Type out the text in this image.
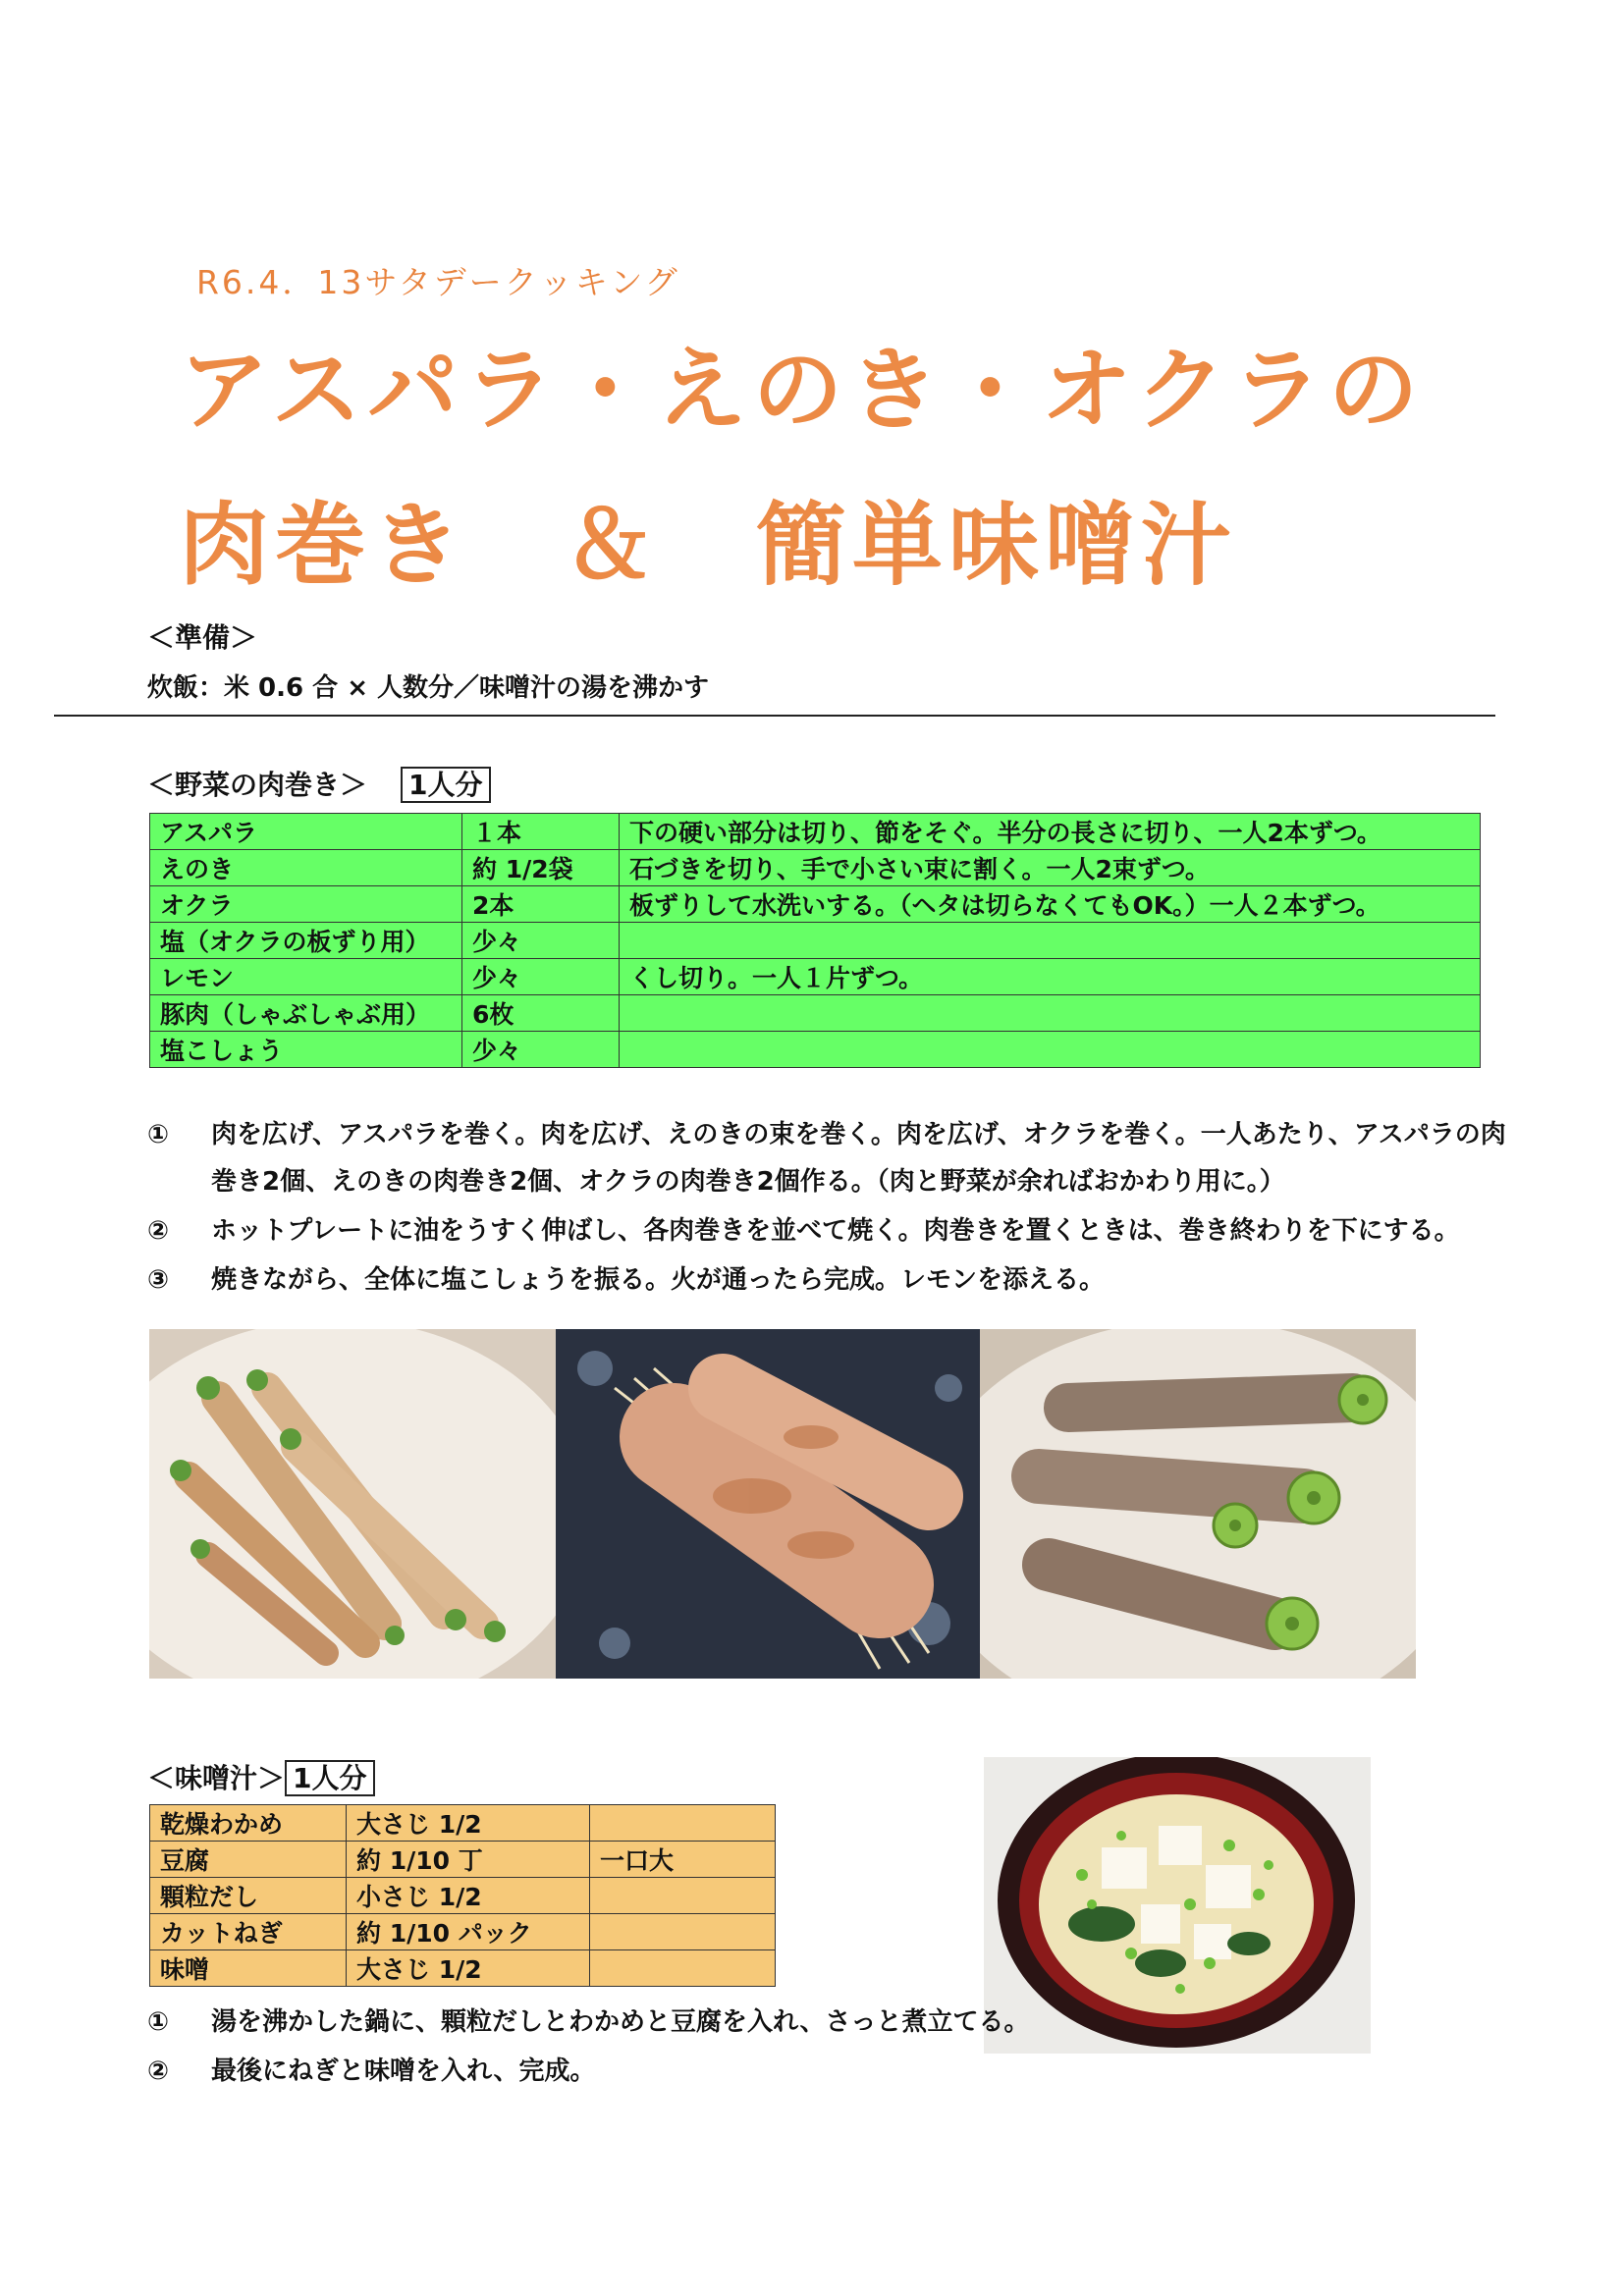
R6.4．13サタデークッキング
アスパラ・えのき・オクラの
肉巻き　＆　簡単味噌汁
＜準備＞
炊飯：米 0.6 合 × 人数分／味噌汁の湯を沸かす
＜野菜の肉巻き＞ 1人分
アスパラ	１本	下の硬い部分は切り、節をそぐ。半分の長さに切り、一人2本ずつ。
えのき	約 1/2袋	石づきを切り、手で小さい束に割く。一人2束ずつ。
オクラ	2本	板ずりして水洗いする。（ヘタは切らなくてもOK。）一人２本ずつ。
塩（オクラの板ずり用）	少々	
レモン	少々	くし切り。一人１片ずつ。
豚肉（しゃぶしゃぶ用）	6枚	
塩こしょう	少々	
① 肉を広げ、アスパラを巻く。肉を広げ、えのきの束を巻く。肉を広げ、オクラを巻く。一人あたり、アスパラの肉巻き2個、えのきの肉巻き2個、オクラの肉巻き2個作る。（肉と野菜が余ればおかわり用に。）
② ホットプレートに油をうすく伸ばし、各肉巻きを並べて焼く。肉巻きを置くときは、巻き終わりを下にする。
③ 焼きながら、全体に塩こしょうを振る。火が通ったら完成。レモンを添える。
＜味噌汁＞ 1人分
乾燥わかめ	大さじ 1/2	
豆腐	約 1/10 丁	一口大
顆粒だし	小さじ 1/2	
カットねぎ	約 1/10 パック	
味噌	大さじ 1/2	
① 湯を沸かした鍋に、顆粒だしとわかめと豆腐を入れ、さっと煮立てる。
② 最後にねぎと味噌を入れ、完成。
